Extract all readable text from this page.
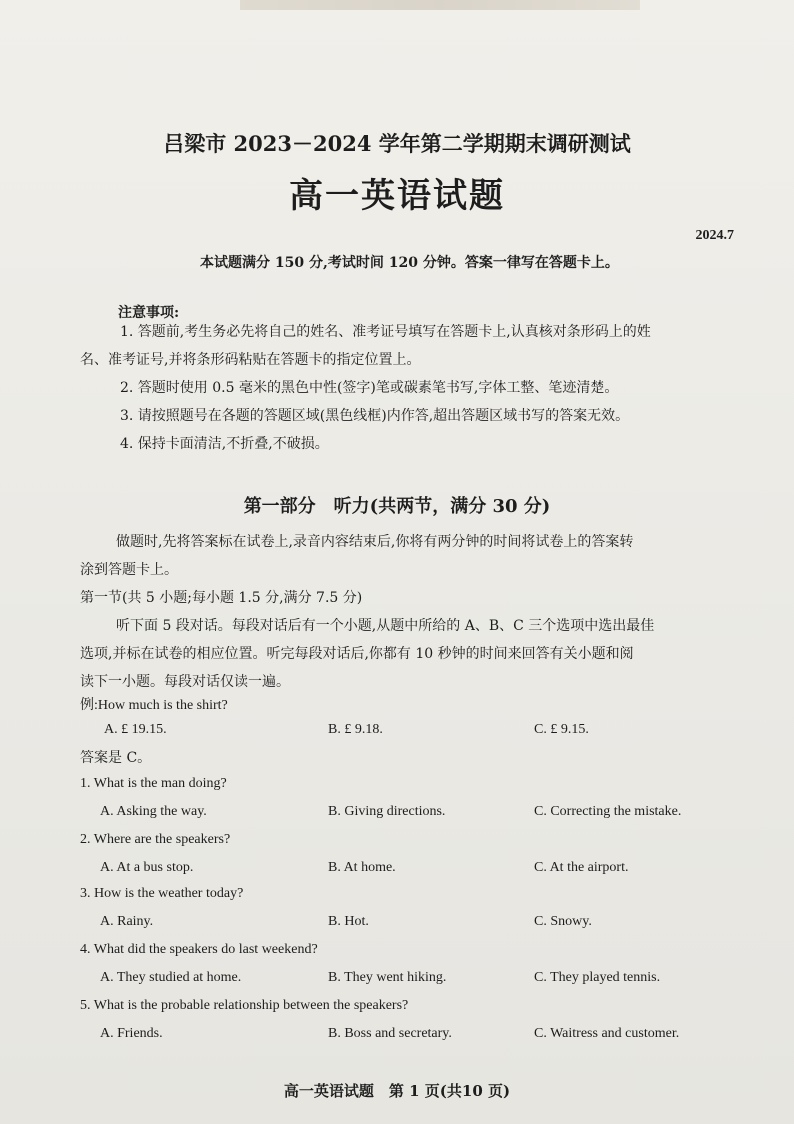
吕梁市 2023－2024 学年第二学期期末调研测试
高一英语试题
2024.7
本试题满分 150 分,考试时间 120 分钟。答案一律写在答题卡上。
注意事项:
1. 答题前,考生务必先将自己的姓名、准考证号填写在答题卡上,认真核对条形码上的姓
名、准考证号,并将条形码粘贴在答题卡的指定位置上。
2. 答题时使用 0.5 毫米的黑色中性(签字)笔或碳素笔书写,字体工整、笔迹清楚。
3. 请按照题号在各题的答题区域(黑色线框)内作答,超出答题区域书写的答案无效。
4. 保持卡面清洁,不折叠,不破损。
第一部分　听力(共两节，满分 30 分)
做题时,先将答案标在试卷上,录音内容结束后,你将有两分钟的时间将试卷上的答案转
涂到答题卡上。
第一节(共 5 小题;每小题 1.5 分,满分 7.5 分)
听下面 5 段对话。每段对话后有一个小题,从题中所给的 A、B、C 三个选项中选出最佳
选项,并标在试卷的相应位置。听完每段对话后,你都有 10 秒钟的时间来回答有关小题和阅
读下一小题。每段对话仅读一遍。
例:How much is the shirt?
A. £ 19.15.	B. £ 9.18.	C. £ 9.15.
答案是 C。
1. What is the man doing?
A. Asking the way.	B. Giving directions.	C. Correcting the mistake.
2. Where are the speakers?
A. At a bus stop.	B. At home.	C. At the airport.
3. How is the weather today?
A. Rainy.	B. Hot.	C. Snowy.
4. What did the speakers do last weekend?
A. They studied at home.	B. They went hiking.	C. They played tennis.
5. What is the probable relationship between the speakers?
A. Friends.	B. Boss and secretary.	C. Waitress and customer.
高一英语试题　第 1 页(共10 页)
